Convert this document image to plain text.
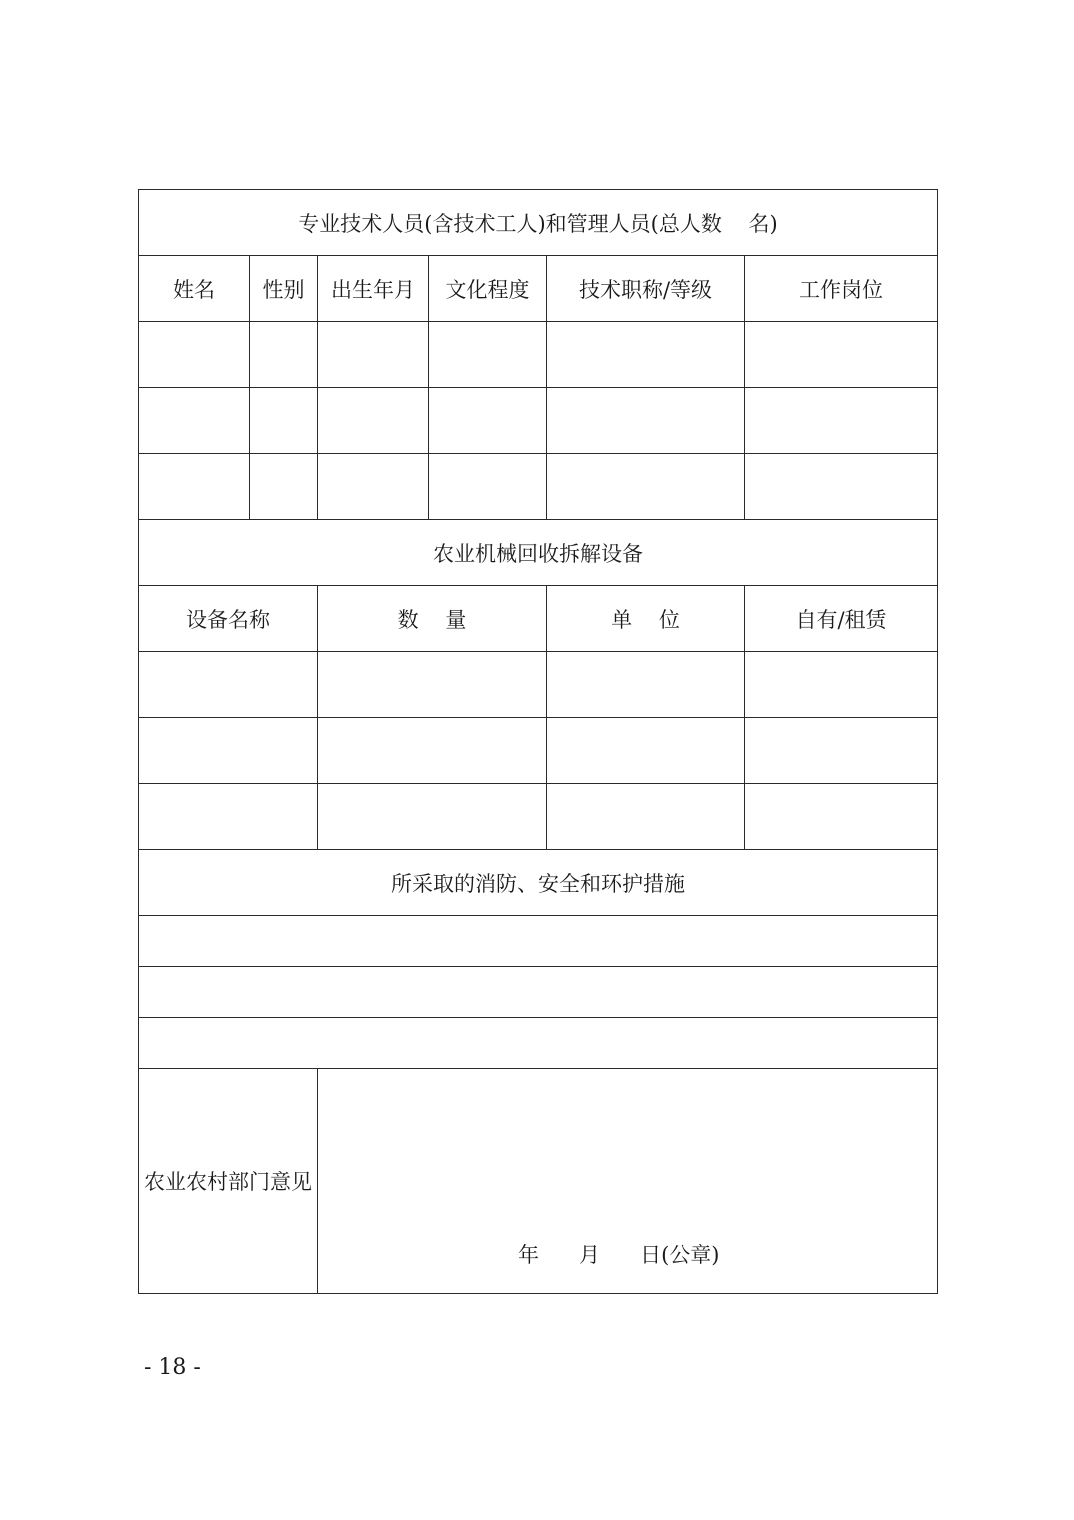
专业技术人员(含技术工人)和管理人员(总人数    名)					
姓名	性别	出生年月	文化程度	技术职称/等级	工作岗位

农业机械回收拆解设备					
设备名称		数    量		单    位	自有/租赁

所采取的消防、安全和环护措施					

农业农村部门意见		年      月      日(公章)			

- 18 -
